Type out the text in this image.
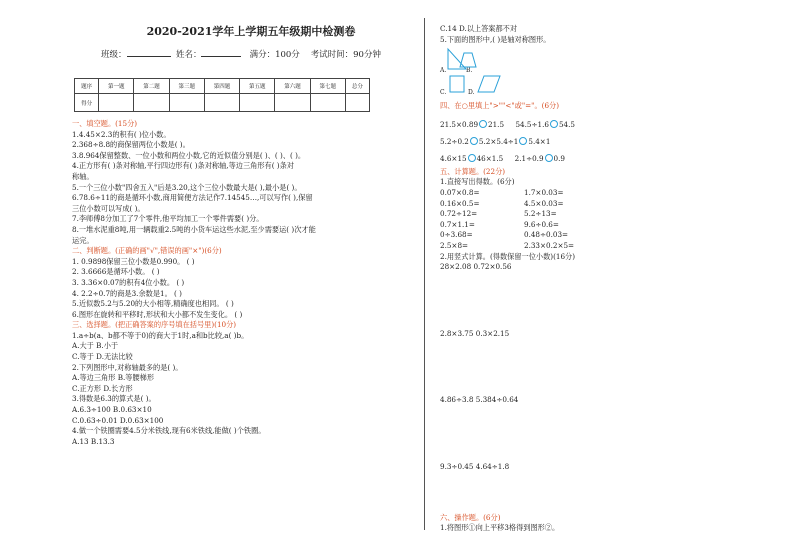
2020-2021学年上学期五年级期中检测卷
班级：	姓名：	满分：100分 考试时间：90分钟
题序	第一题	第二题	第三题	第四题	第五题	第六题	第七题	总分
得分								
一、填空题。(15分)
1.4.45×2.3的积有( )位小数。
2.368÷8.8的商保留两位小数是( )。
3.8.964保留整数、一位小数和两位小数,它的近似值分别是( )、( )、( )。
4.正方形有( )条对称轴,平行四边形有( )条对称轴,等边三角形有( )条对
称轴。
5.一个三位小数"四舍五入"后是3.20,这个三位小数最大是( ),最小是( )。
6.78.6÷11的商是循环小数,商用简便方法记作7.14545…,可以写作( ),保留
三位小数可以写成( )。
7.李师傅8分加工了7个零件,他平均加工一个零件需要( )分。
8.一堆水泥重8吨,用一辆载重2.5吨的小货车运这些水泥,至少需要运( )次才能
运完。
二、判断题。(正确的画"√",错误的画"×")(6分)
1. 0.9898保留三位小数是0.990。 ( )
2. 3.6666是循环小数。 ( )
3. 3.36×0.07的积有4位小数。 ( )
4. 2.2÷0.7的商是3.余数是1。 ( )
5.近似数5.2与5.20的大小相等,精确度也相同。 ( )
6.图形在旋转和平移时,形状和大小都不发生变化。 ( )
三、选择题。(把正确答案的序号填在括号里)(10分)
1.a÷b(a、b都不等于0)的商大于1时,a和b比较,a( )b。
A.大于 B.小于
C.等于 D.无法比较
2.下列图形中,对称轴最多的是( )。
A.等边三角形 B.等腰梯形
C.正方形 D.长方形
3.得数是6.3的算式是( )。
A.6.3÷100 B.0.63×10
C.0.63÷0.01 D.0.63×100
4.做一个铁圈需要4.5分米铁线,现有6米铁线,能做( )个铁圈。
A.13 B.13.3
C.14 D.以上答案都不对
5.下面的图形中,( )是轴对称图形。
A.	B.
C.	D.
四、在○里填上">""<"或"="。(6分)
21.5×0.89 21.5 54.5÷1.6 54.5
5.2÷0.2 5.2×5.4÷1 5.4×1
4.6×15 46×1.5 2.1÷0.9 0.9
五、计算题。(22分)
1.直接写出得数。(6分)
0.07×0.8=	1.7×0.03=
0.16×0.5=	4.5×0.03=
0.72÷12=	5.2÷13=
0.7×1.1=	9.6÷0.6=
0÷3.68=	0.48÷0.03=
2.5×8=	2.33×0.2×5=
2.用竖式计算。(得数保留一位小数)(16分)
28×2.08 0.72×0.56
2.8×3.75 0.3×2.15
4.86÷3.8 5.384÷0.64
9.3÷0.45 4.64÷1.8
六、操作题。(6分)
1.将图形①向上平移3格得到图形②。
